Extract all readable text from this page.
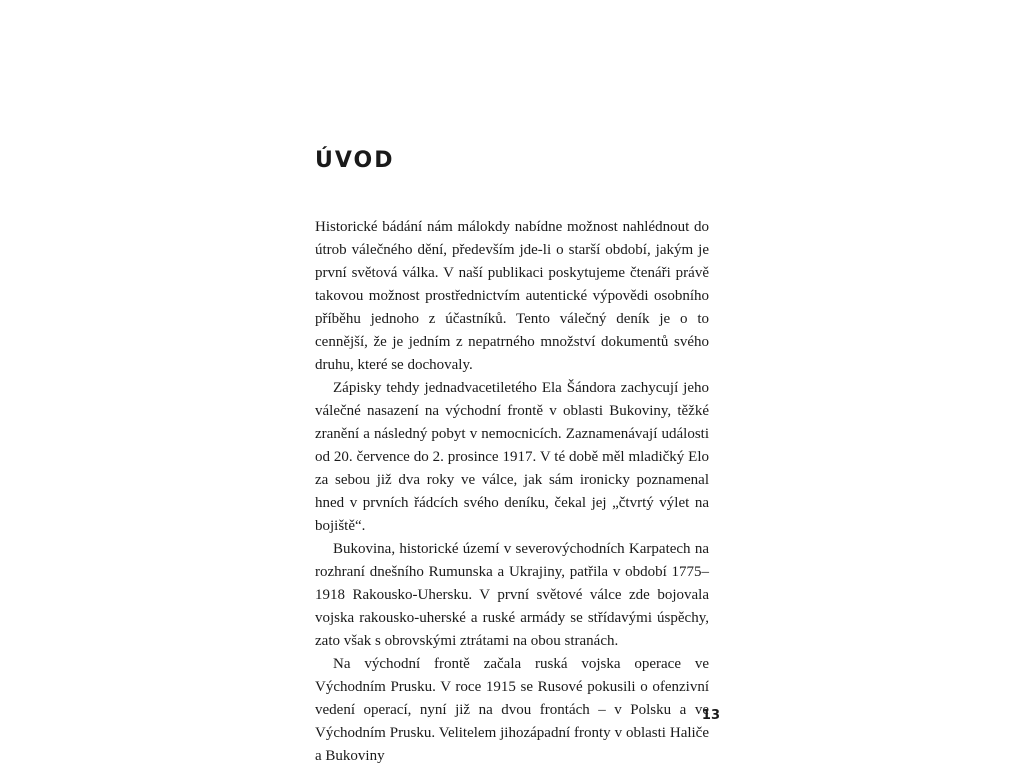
ÚVOD

Historické bádání nám málokdy nabídne možnost nahlédnout do útrob válečného dění, především jde-li o starší období, jakým je první světová válka. V naší publikaci poskytujeme čtenáři právě takovou možnost prostřednictvím autentické výpovědi osobního příběhu jednoho z účastníků. Tento válečný deník je o to cennější, že je jedním z nepatrného množství dokumentů svého druhu, které se dochovaly.

Zápisky tehdy jednadvacetiletého Ela Šándora zachycují jeho válečné nasazení na východní frontě v oblasti Bukoviny, těžké zranění a následný pobyt v nemocnicích. Zaznamenávají události od 20. července do 2. prosince 1917. V té době měl mladičký Elo za sebou již dva roky ve válce, jak sám ironicky poznamenal hned v prvních řádcích svého deníku, čekal jej „čtvrtý výlet na bojiště“.

Bukovina, historické území v severovýchodních Karpatech na rozhraní dnešního Rumunska a Ukrajiny, patřila v období 1775–1918 Rakousko-Uhersku. V první světové válce zde bojovala vojska rakousko-uherské a ruské armády se střídavými úspěchy, zato však s obrovskými ztrátami na obou stranách.

Na východní frontě začala ruská vojska operace ve Východním Prusku. V roce 1915 se Rusové pokusili o ofenzivní vedení operací, nyní již na dvou frontách – v Polsku a ve Východním Prusku. Velitelem jihozápadní fronty v oblasti Haliče a Bukoviny

13
